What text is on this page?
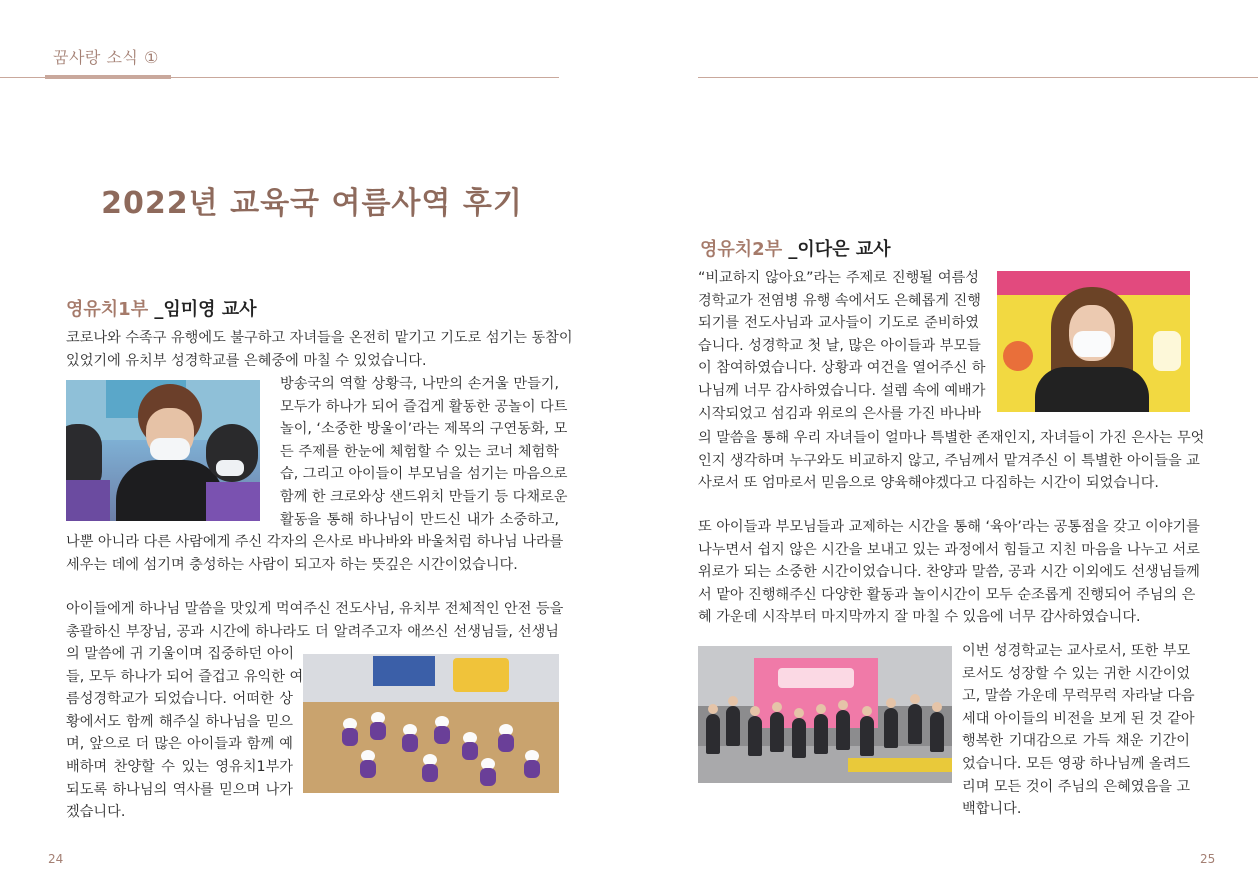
꿈사랑 소식 ①
2022년 교육국 여름사역 후기
영유치1부 _임미영 교사
코로나와 수족구 유행에도 불구하고 자녀들을 온전히 맡기고 기도로 섬기는 동참이
있었기에 유치부 성경학교를 은혜중에 마칠 수 있었습니다.
방송국의 역할 상황극, 나만의 손거울 만들기,
모두가 하나가 되어 즐겁게 활동한 공놀이 다트
놀이, ‘소중한 방울이’라는 제목의 구연동화, 모
든 주제를 한눈에 체험할 수 있는 코너 체험학
습, 그리고 아이들이 부모님을 섬기는 마음으로
함께 한 크로와상 샌드위치 만들기 등 다채로운
활동을 통해 하나님이 만드신 내가 소중하고,
나뿐 아니라 다른 사람에게 주신 각자의 은사로 바나바와 바울처럼 하나님 나라를
세우는 데에 섬기며 충성하는 사람이 되고자 하는 뜻깊은 시간이었습니다.
아이들에게 하나님 말씀을 맛있게 먹여주신 전도사님, 유치부 전체적인 안전 등을
총괄하신 부장님, 공과 시간에 하나라도 더 알려주고자 애쓰신 선생님들, 선생님
의 말씀에 귀 기울이며 집중하던 아이
들, 모두 하나가 되어 즐겁고 유익한 여
름성경학교가 되었습니다. 어떠한 상
황에서도 함께 해주실 하나님을 믿으
며, 앞으로 더 많은 아이들과 함께 예
배하며 찬양할 수 있는 영유치1부가
되도록 하나님의 역사를 믿으며 나가
겠습니다.
24
영유치2부 _이다은 교사
“비교하지 않아요”라는 주제로 진행될 여름성
경학교가 전염병 유행 속에서도 은혜롭게 진행
되기를 전도사님과 교사들이 기도로 준비하였
습니다. 성경학교 첫 날, 많은 아이들과 부모들
이 참여하였습니다. 상황과 여건을 열어주신 하
나님께 너무 감사하였습니다. 설렘 속에 예배가
시작되었고 섬김과 위로의 은사를 가진 바나바
의 말씀을 통해 우리 자녀들이 얼마나 특별한 존재인지, 자녀들이 가진 은사는 무엇
인지 생각하며 누구와도 비교하지 않고, 주님께서 맡겨주신 이 특별한 아이들을 교
사로서 또 엄마로서 믿음으로 양육해야겠다고 다짐하는 시간이 되었습니다.
또 아이들과 부모님들과 교제하는 시간을 통해 ‘육아’라는 공통점을 갖고 이야기를
나누면서 쉽지 않은 시간을 보내고 있는 과정에서 힘들고 지친 마음을 나누고 서로
위로가 되는 소중한 시간이었습니다. 찬양과 말씀, 공과 시간 이외에도 선생님들께
서 맡아 진행해주신 다양한 활동과 놀이시간이 모두 순조롭게 진행되어 주님의 은
혜 가운데 시작부터 마지막까지 잘 마칠 수 있음에 너무 감사하였습니다.
이번 성경학교는 교사로서, 또한 부모
로서도 성장할 수 있는 귀한 시간이었
고, 말씀 가운데 무럭무럭 자라날 다음
세대 아이들의 비전을 보게 된 것 같아
행복한 기대감으로 가득 채운 기간이
었습니다. 모든 영광 하나님께 올려드
리며 모든 것이 주님의 은혜였음을 고
백합니다.
25
